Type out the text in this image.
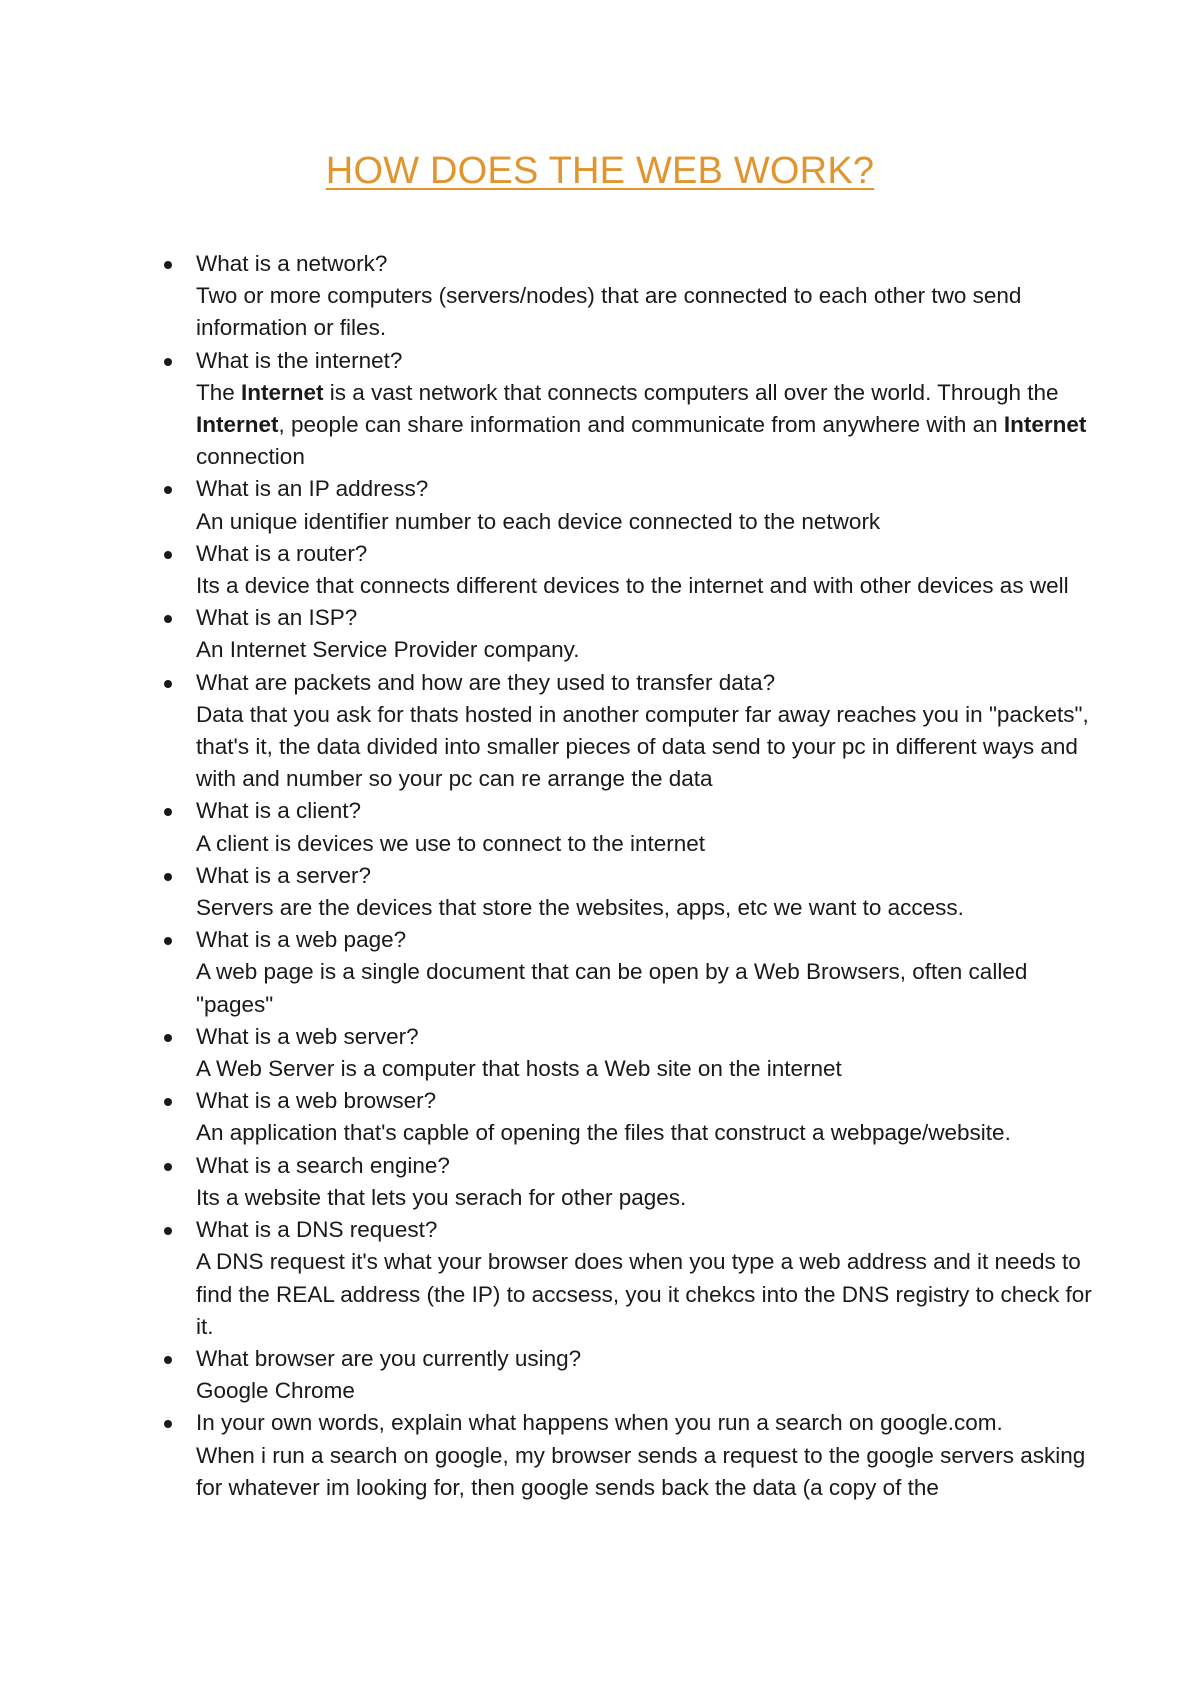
HOW DOES THE WEB WORK?
What is a network?
Two or more computers (servers/nodes) that are connected to each other two send information or files.
What is the internet?
The Internet is a vast network that connects computers all over the world. Through the Internet, people can share information and communicate from anywhere with an Internet connection
What is an IP address?
An unique identifier number to each device connected to the network
What is a router?
Its a device that connects different devices to the internet and with other devices as well
What is an ISP?
An Internet Service Provider company.
What are packets and how are they used to transfer data?
Data that you ask for thats hosted in another computer far away reaches you in "packets", that's it, the data divided into smaller pieces of data send to your pc in different ways and with and number so your pc can re arrange the data
What is a client?
A client is devices we use to connect to the internet
What is a server?
Servers are the devices that store the websites, apps, etc we want to access.
What is a web page?
A web page is a single document that can be open by a Web Browsers, often called "pages"
What is a web server?
A Web Server is a computer that hosts a Web site on the internet
What is a web browser?
An application that's capble of opening the files that construct a webpage/website.
What is a search engine?
Its a website that lets you serach for other pages.
What is a DNS request?
A DNS request it's what your browser does when you type a web address and it needs to find the REAL address (the IP) to accsess, you it chekcs into the DNS registry to check for it.
What browser are you currently using?
Google Chrome
In your own words, explain what happens when you run a search on google.com.
When i run a search on google, my browser sends a request to the google servers asking for whatever im looking for, then google sends back the data (a copy of the
